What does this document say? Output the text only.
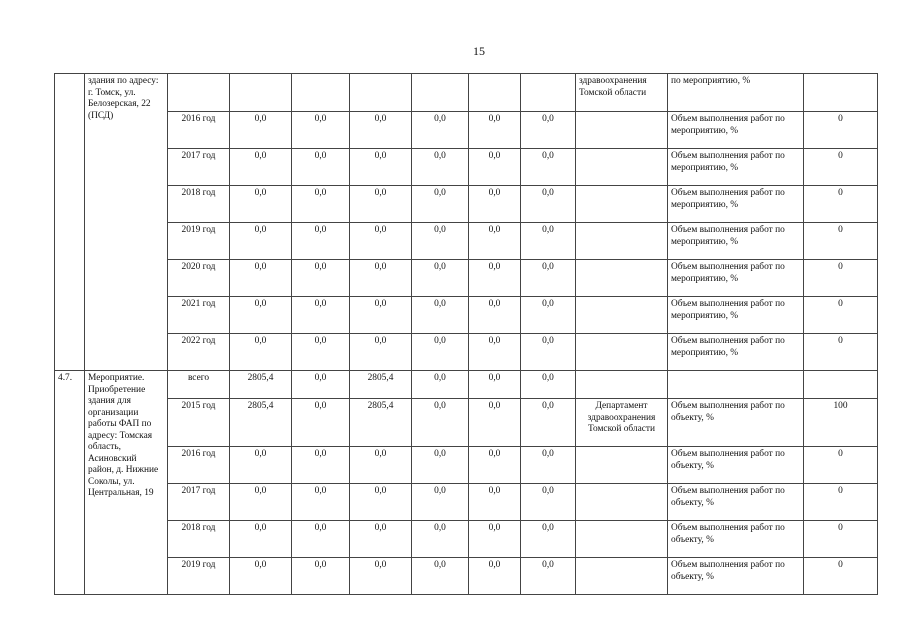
15
	здания по адресу: г. Томск, ул. Белозерская, 22 (ПСД)								здравоохранения Томской области	по мероприятию, %	
		2016 год	0,0	0,0	0,0	0,0	0,0	0,0		Объем выполнения работ по мероприятию, %	0
		2017 год	0,0	0,0	0,0	0,0	0,0	0,0		Объем выполнения работ по мероприятию, %	0
		2018 год	0,0	0,0	0,0	0,0	0,0	0,0		Объем выполнения работ по мероприятию, %	0
		2019 год	0,0	0,0	0,0	0,0	0,0	0,0		Объем выполнения работ по мероприятию, %	0
		2020 год	0,0	0,0	0,0	0,0	0,0	0,0		Объем выполнения работ по мероприятию, %	0
		2021 год	0,0	0,0	0,0	0,0	0,0	0,0		Объем выполнения работ по мероприятию, %	0
		2022 год	0,0	0,0	0,0	0,0	0,0	0,0		Объем выполнения работ по мероприятию, %	0
4.7.	Мероприятие. Приобретение здания для организации работы ФАП по адресу: Томская область, Асиновский район, д. Нижние Соколы, ул. Центральная, 19	всего	2805,4	0,0	2805,4	0,0	0,0	0,0			
		2015 год	2805,4	0,0	2805,4	0,0	0,0	0,0	Департамент здравоохранения Томской области	Объем выполнения работ по объекту, %	100
		2016 год	0,0	0,0	0,0	0,0	0,0	0,0		Объем выполнения работ по объекту, %	0
		2017 год	0,0	0,0	0,0	0,0	0,0	0,0		Объем выполнения работ по объекту, %	0
		2018 год	0,0	0,0	0,0	0,0	0,0	0,0		Объем выполнения работ по объекту, %	0
		2019 год	0,0	0,0	0,0	0,0	0,0	0,0		Объем выполнения работ по объекту, %	0
